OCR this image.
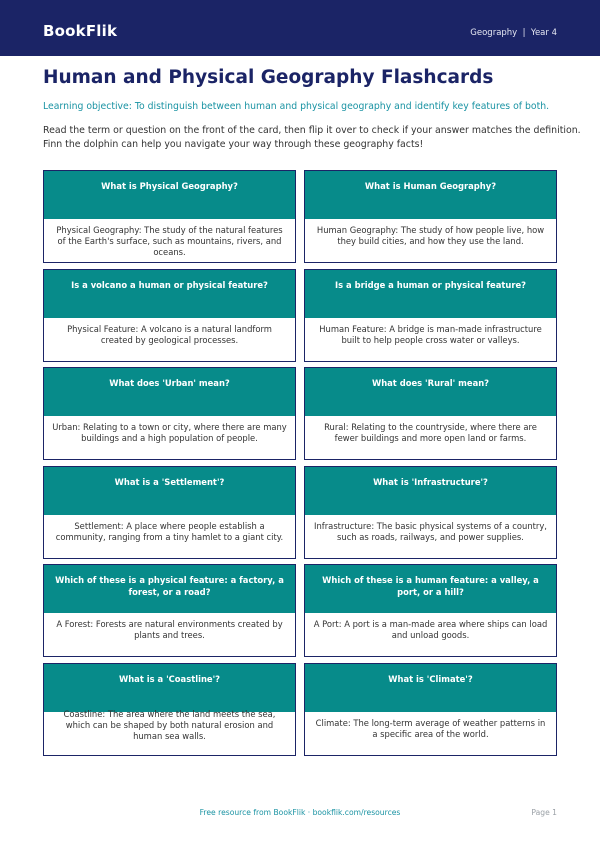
BookFlik	Geography  |  Year 4
Human and Physical Geography Flashcards
Learning objective: To distinguish between human and physical geography and identify key features of both.
Read the term or question on the front of the card, then flip it over to check if your answer matches the definition.
Finn the dolphin can help you navigate your way through these geography facts!
What is Physical Geography?
Physical Geography: The study of the natural features of the Earth's surface, such as mountains, rivers, and oceans.
What is Human Geography?
Human Geography: The study of how people live, how they build cities, and how they use the land.
Is a volcano a human or physical feature?
Physical Feature: A volcano is a natural landform created by geological processes.
Is a bridge a human or physical feature?
Human Feature: A bridge is man-made infrastructure built to help people cross water or valleys.
What does 'Urban' mean?
Urban: Relating to a town or city, where there are many buildings and a high population of people.
What does 'Rural' mean?
Rural: Relating to the countryside, where there are fewer buildings and more open land or farms.
What is a 'Settlement'?
Settlement: A place where people establish a community, ranging from a tiny hamlet to a giant city.
What is 'Infrastructure'?
Infrastructure: The basic physical systems of a country, such as roads, railways, and power supplies.
Which of these is a physical feature: a factory, a forest, or a road?
A Forest: Forests are natural environments created by plants and trees.
Which of these is a human feature: a valley, a port, or a hill?
A Port: A port is a man-made area where ships can load and unload goods.
What is a 'Coastline'?
Coastline: The area where the land meets the sea, which can be shaped by both natural erosion and human sea walls.
What is 'Climate'?
Climate: The long-term average of weather patterns in a specific area of the world.
Free resource from BookFlik · bookflik.com/resources	Page 1
